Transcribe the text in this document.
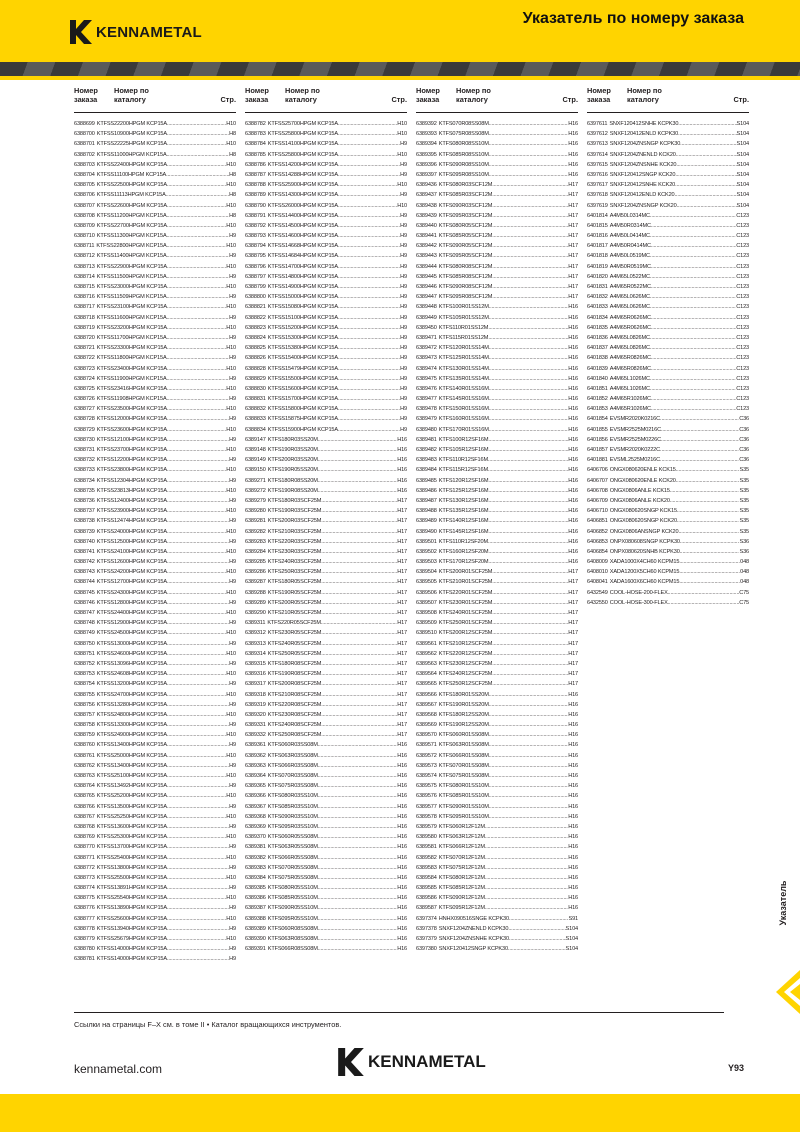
KENNAMETAL
Указатель по номеру заказа
Номер
заказа
Номер по
каталогу	Стр.
6388699 KTFSS22200HPGM KCP15A .....	H10
6388700 KTFSS10900HPGM KCP15A .....	H8
6388701 KTFSS22225HPGM KCP15A .....	H10
6388702 KTFSS11000HPGM KCP15A .....	H8
6388703 KTFSS22400HPGM KCP15A .....	H10
6388704 KTFSS11100HPGM KCP15A .....	H8
6388705 KTFSS22500HPGM KCP15A .....	H10
6388706 KTFSS11113HPGM KCP15A .....	H8
6388707 KTFSS22600HPGM KCP15A .....	H10
6388708 KTFSS11200HPGM KCP15A .....	H8
6388709 KTFSS22700HPGM KCP15A .....	H10
6388710 KTFSS11300HPGM KCP15A .....	H9
6388711 KTFSS22800HPGM KCP15A .....	H10
6388712 KTFSS11400HPGM KCP15A .....	H9
6388713 KTFSS22900HPGM KCP15A .....	H10
6388714 KTFSS11500HPGM KCP15A .....	H9
6388715 KTFSS23000HPGM KCP15A .....	H10
6388716 KTFSS11509HPGM KCP15A .....	H9
6388717 KTFSS23100HPGM KCP15A .....	H10
6388718 KTFSS11600HPGM KCP15A .....	H9
6388719 KTFSS23200HPGM KCP15A .....	H10
6388720 KTFSS11700HPGM KCP15A .....	H9
6388721 KTFSS23300HPGM KCP15A .....	H10
6388722 KTFSS11800HPGM KCP15A .....	H9
6388723 KTFSS23400HPGM KCP15A .....	H10
6388724 KTFSS11900HPGM KCP15A .....	H9
6388725 KTFSS23416HPGM KCP15A .....	H10
6388726 KTFSS11908HPGM KCP15A .....	H9
6388727 KTFSS23500HPGM KCP15A .....	H10
6388728 KTFSS12000HPGM KCP15A .....	H9
6388729 KTFSS23600HPGM KCP15A .....	H10
6388730 KTFSS12100HPGM KCP15A .....	H9
6388731 KTFSS23700HPGM KCP15A .....	H10
6388732 KTFSS12200HPGM KCP15A .....	H9
6388733 KTFSS23800HPGM KCP15A .....	H10
6388734 KTFSS12304HPGM KCP15A .....	H9
6388735 KTFSS23813HPGM KCP15A .....	H10
6388736 KTFSS12400HPGM KCP15A .....	H9
6388737 KTFSS23900HPGM KCP15A .....	H10
6388738 KTFSS12474HPGM KCP15A .....	H9
6388739 KTFSS24000HPGM KCP15A .....	H10
6388740 KTFSS12500HPGM KCP15A .....	H9
6388741 KTFSS24100HPGM KCP15A .....	H10
6388742 KTFSS12600HPGM KCP15A .....	H9
6388743 KTFSS24200HPGM KCP15A .....	H10
6388744 KTFSS12700HPGM KCP15A .....	H9
6388745 KTFSS24300HPGM KCP15A .....	H10
6388746 KTFSS12800HPGM KCP15A .....	H9
6388747 KTFSS24400HPGM KCP15A .....	H10
6388748 KTFSS12900HPGM KCP15A .....	H9
6388749 KTFSS24500HPGM KCP15A .....	H10
6388750 KTFSS13000HPGM KCP15A .....	H9
6388751 KTFSS24600HPGM KCP15A .....	H10
6388752 KTFSS13096HPGM KCP15A .....	H9
6388753 KTFSS24608HPGM KCP15A .....	H10
6388754 KTFSS13200HPGM KCP15A .....	H9
6388755 KTFSS24700HPGM KCP15A .....	H10
6388756 KTFSS13280HPGM KCP15A .....	H9
6388757 KTFSS24800HPGM KCP15A .....	H10
6388758 KTFSS13300HPGM KCP15A .....	H9
6388759 KTFSS24900HPGM KCP15A .....	H10
6388760 KTFSS13400HPGM KCP15A .....	H9
6388761 KTFSS25000HPGM KCP15A .....	H10
6388762 KTFSS13400HPGM KCP15A .....	H9
6388763 KTFSS25100HPGM KCP15A .....	H10
6388764 KTFSS13492HPGM KCP15A .....	H9
6388765 KTFSS25200HPGM KCP15A .....	H10
6388766 KTFSS13500HPGM KCP15A .....	H9
6388767 KTFSS25250HPGM KCP15A .....	H10
6388768 KTFSS13600HPGM KCP15A .....	H9
6388769 KTFSS25300HPGM KCP15A .....	H10
6388770 KTFSS13700HPGM KCP15A .....	H9
6388771 KTFSS25400HPGM KCP15A .....	H10
6388772 KTFSS13800HPGM KCP15A .....	H9
6388773 KTFSS25500HPGM KCP15A .....	H10
6388774 KTFSS13891HPGM KCP15A .....	H9
6388775 KTFSS25540HPGM KCP15A .....	H10
6388776 KTFSS13890HPGM KCP15A .....	H9
6388777 KTFSS25600HPGM KCP15A .....	H10
6388778 KTFSS13940HPGM KCP15A .....	H9
6388779 KTFSS25679HPGM KCP15A .....	H10
6388780 KTFSS14000HPGM KCP15A .....	H9
6388781 KTFSS14000HPGM KCP15A .....	H9
Номер
заказа
Номер по
каталогу	Стр.
6388782 KTFSS25700HPGM KCP15A .....	H10
6388783 KTFSS25800HPGM KCP15A .....	H10
6388784 KTFSS14100HPGM KCP15A .....	H9
6388785 KTFSS25800HPGM KCP15A .....	H10
6388786 KTFSS14200HPGM KCP15A .....	H9
6388787 KTFSS14288HPGM KCP15A .....	H9
6388788 KTFSS25900HPGM KCP15A .....	H10
6388789 KTFSS14300HPGM KCP15A .....	H9
6388790 KTFSS26000HPGM KCP15A .....	H10
6388791 KTFSS14400HPGM KCP15A .....	H9
6388792 KTFSS14500HPGM KCP15A .....	H9
6388793 KTFSS14600HPGM KCP15A .....	H9
6388794 KTFSS14668HPGM KCP15A .....	H9
6388795 KTFSS14684HPGM KCP15A .....	H9
6388796 KTFSS14700HPGM KCP15A .....	H9
6388797 KTFSS14800HPGM KCP15A .....	H9
6388799 KTFSS14900HPGM KCP15A .....	H9
6388800 KTFSS15000HPGM KCP15A .....	H9
6388821 KTFSS15080HPGM KCP15A .....	H9
6388822 KTFSS15100HPGM KCP15A .....	H9
6388823 KTFSS15200HPGM KCP15A .....	H9
6388824 KTFSS15300HPGM KCP15A .....	H9
6388825 KTFSS15380HPGM KCP15A .....	H9
6388826 KTFSS15400HPGM KCP15A .....	H9
6388828 KTFSS15479HPGM KCP15A .....	H9
6388829 KTFSS15500HPGM KCP15A .....	H9
6388830 KTFSS15600HPGM KCP15A .....	H9
6388831 KTFSS15700HPGM KCP15A .....	H9
6388832 KTFSS15800HPGM KCP15A .....	H9
6388833 KTFSS15875HPGM KCP15A .....	H9
6388834 KTFSS15900HPGM KCP15A .....	H9
6389147 KTFS180R03SS20M .....	H16
6389148 KTFS190R03SS20M .....	H16
6389149 KTFS200R03SS20M .....	H16
6389150 KTFS190R05SS20M .....	H16
6389271 KTFS180R08SS20M .....	H16
6389272 KTFS190R08SS20M .....	H16
6389279 KTFS180R03SCF25M .....	H17
6389280 KTFS190R03SCF25M .....	H17
6389281 KTFS200R03SCF25M .....	H17
6389282 KTFS210R03SCF25M .....	H17
6389283 KTFS220R03SCF25M .....	H17
6389284 KTFS230R03SCF25M .....	H17
6389285 KTFS240R03SCF25M .....	H17
6389286 KTFS250R03SCF25M .....	H17
6389287 KTFS180R05SCF25M .....	H17
6389288 KTFS190R05SCF25M .....	H17
6389289 KTFS200R05SCF25M .....	H17
6389290 KTFS210R05SCF25M .....	H17
6389311 KTFS220R05SCF25M .....	H17
6389312 KTFS230R05SCF25M .....	H17
6389313 KTFS240R05SCF25M .....	H17
6389314 KTFS250R05SCF25M .....	H17
6389315 KTFS180R08SCF25M .....	H17
6389316 KTFS190R08SCF25M .....	H17
6389317 KTFS200R08SCF25M .....	H17
6389318 KTFS210R08SCF25M .....	H17
6389319 KTFS220R08SCF25M .....	H17
6389320 KTFS230R08SCF25M .....	H17
6389331 KTFS240R08SCF25M .....	H17
6389332 KTFS250R08SCF25M .....	H17
6389361 KTFS060R03SS08M .....	H16
6389362 KTFS063R03SS08M .....	H16
6389363 KTFS066R03SS08M .....	H16
6389364 KTFS070R03SS08M .....	H16
6389365 KTFS075R03SS08M .....	H16
6389366 KTFS080R03SS10M .....	H16
6389367 KTFS085R03SS10M .....	H16
6389368 KTFS090R03SS10M .....	H16
6389369 KTFS095R03SS10M .....	H16
6389370 KTFS060R05SS08M .....	H16
6389381 KTFS063R05SS08M .....	H16
6389382 KTFS066R05SS08M .....	H16
6389383 KTFS070R05SS08M .....	H16
6389384 KTFS075R05SS08M .....	H16
6389385 KTFS080R05SS10M .....	H16
6389386 KTFS085R05SS10M .....	H16
6389387 KTFS090R05SS10M .....	H16
6389388 KTFS095R05SS10M .....	H16
6389389 KTFS060R08SS08M .....	H16
6389390 KTFS063R08SS08M .....	H16
6389391 KTFS066R08SS08M .....	H16
Номер
заказа
Номер по
каталогу	Стр.
6389392 KTFS070R08SS08M .....	H16
6389393 KTFS075R08SS08M .....	H16
6389394 KTFS080R08SS10M .....	H16
6389395 KTFS085R08SS10M .....	H16
6389396 KTFS090R08SS10M .....	H16
6389397 KTFS095R08SS10M .....	H16
6389436 KTFS080R03SCF12M .....	H17
6389437 KTFS085R03SCF12M .....	H17
6389438 KTFS090R03SCF12M .....	H17
6389439 KTFS095R03SCF12M .....	H17
6389440 KTFS080R05SCF12M .....	H17
6389441 KTFS085R05SCF12M .....	H17
6389442 KTFS090R05SCF12M .....	H17
6389443 KTFS095R05SCF12M .....	H17
6389444 KTFS080R08SCF12M .....	H17
6389445 KTFS085R08SCF12M .....	H17
6389446 KTFS090R08SCF12M .....	H17
6389447 KTFS095R08SCF12M .....	H17
6389448 KTFS100R01SS12M .....	H16
6389449 KTFS105R01SS12M .....	H16
6389450 KTFS110R01SS12M .....	H16
6389471 KTFS115R01SS12M .....	H16
6389472 KTFS120R01SS14M .....	H16
6389473 KTFS125R01SS14M .....	H16
6389474 KTFS130R01SS14M .....	H16
6389475 KTFS135R01SS14M .....	H16
6389476 KTFS140R01SS16M .....	H16
6389477 KTFS145R01SS16M .....	H16
6389478 KTFS150R01SS16M .....	H16
6389479 KTFS160R01SS16M .....	H16
6389480 KTFS170R01SS16M .....	H16
6389481 KTFS100R12SF16M .....	H16
6389482 KTFS105R12SF16M .....	H16
6389483 KTFS110R12SF16M .....	H16
6389484 KTFS115R12SF16M .....	H16
6389485 KTFS120R12SF16M .....	H16
6389486 KTFS125R12SF16M .....	H16
6389487 KTFS130R12SF16M .....	H16
6389488 KTFS135R12SF16M .....	H16
6389489 KTFS140R12SF16M .....	H16
6389490 KTFS145R12SF16M .....	H16
6389501 KTFS110R12SF20M .....	H16
6389502 KTFS160R12SF20M .....	H16
6389503 KTFS170R12SF20M .....	H16
6389504 KTFS200R01SCF25M .....	H17
6389505 KTFS210R01SCF25M .....	H17
6389506 KTFS220R01SCF25M .....	H17
6389507 KTFS230R01SCF25M .....	H17
6389508 KTFS240R01SCF25M .....	H17
6389509 KTFS250R01SCF25M .....	H17
6389510 KTFS200R12SCF25M .....	H17
6389561 KTFS210R12SCF25M .....	H17
6389562 KTFS220R12SCF25M .....	H17
6389563 KTFS230R12SCF25M .....	H17
6389564 KTFS240R12SCF25M .....	H17
6389565 KTFS250R12SCF25M .....	H17
6389566 KTFS180R01SS20M .....	H16
6389567 KTFS190R01SS20M .....	H16
6389568 KTFS180R12SS20M .....	H16
6389569 KTFS190R12SS20M .....	H16
6389570 KTFS060R01SS08M .....	H16
6389571 KTFS063R01SS08M .....	H16
6389572 KTFS066R01SS08M .....	H16
6389573 KTFS070R01SS08M .....	H16
6389574 KTFS075R01SS08M .....	H16
6389575 KTFS080R01SS10M .....	H16
6389576 KTFS085R01SS10M .....	H16
6389577 KTFS090R01SS10M .....	H16
6389578 KTFS095R01SS10M .....	H16
6389579 KTFS060R12F12M .....	H16
6389580 KTFS063R12F12M .....	H16
6389581 KTFS066R12F12M .....	H16
6389582 KTFS070R12F12M .....	H16
6389583 KTFS075R12F12M .....	H16
6389584 KTFS080R12F12M .....	H16
6389585 KTFS085R12F12M .....	H16
6389586 KTFS090R12F12M .....	H16
6389587 KTFS095R12F12M .....	H16
6397374 HNHX090516SNGE KCPK30 .....	S91
6397378 SNXF1204ZNENLD KCPK30 .....	S104
6397379 SNXF1204ZNSNHE KCPK30 .....	S104
6397380 SNXF120412SNGP KCPK30 .....	S104
Номер
заказа
Номер по
каталогу	Стр.
6397611 SNXF120412SNHE KCPK30 .....	S104
6397612 SNXF120412ENLD KCPK30 .....	S104
6397613 SNXF1204ZNSNGP KCPK30 .....	S104
6397614 SNXF1204ZNENLD KCK20 .....	S104
6397615 SNXF1204ZNSNHE KCK20 .....	S104
6397616 SNXF120412SNGP KCK20 .....	S104
6397617 SNXF120412SNHE KCK20 .....	S104
6397618 SNXF120412ENLD KCK20 .....	S104
6397619 SNXF1204ZNSNGP KCK20 .....	S104
6401814 A4M50L0314MC .....	C123
6401815 A4M50R0314MC .....	C123
6401816 A4M50L0414MC .....	C123
6401817 A4M50R0414MC .....	C123
6401818 A4M50L0519MC .....	C123
6401819 A4M50R0519MC .....	C123
6401820 A4M65L0522MC .....	C123
6401831 A4M65R0522MC .....	C123
6401832 A4M65L0626MC .....	C123
6401833 A4M65L0626MC .....	C123
6401834 A4M65R0626MC .....	C123
6401835 A4M65R0626MC .....	C123
6401836 A4M65L0826MC .....	C123
6401837 A4M65L0826MC .....	C123
6401838 A4M65R0826MC .....	C123
6401839 A4M65R0826MC .....	C123
6401840 A4M65L1026MC .....	C123
6401851 A4M65L1026MC .....	C123
6401852 A4M65R1026MC .....	C123
6401853 A4M65R1026MC .....	C123
6401854 EVSMR2020K0216C .....	C36
6401855 EVSMR2525M0216C .....	C36
6401856 EVSMR2525M0226C .....	C36
6401857 EVSMR2020K0222C .....	C36
6401881 EVSML2525M0216C .....	C36
6406706 ONGX080620ENLE KCK15 .....	S35
6406707 ONGX080620ENLE KCK20 .....	S35
6406708 ONGX0806ANLE KCK15 .....	S35
6406709 ONGX0806ANLE KCK20 .....	S35
6406710 ONGX080620SNGP KCK15 .....	S35
6406851 ONGX080620SNGP KCK20 .....	S35
6406852 ONGX0806ANSNGP KCK20 .....	S35
6406853 ONPX080608SNGP KCPK30 .....	S36
6406854 ONPX080620SNHB KCPK30 .....	S36
6408009 XADA1000X4CH60 KCPM15 .....	048
6408010 XADA1200X5CH60 KCPM15 .....	048
6408041 XADA1600X6CH60 KCPM15 .....	048
6432549 COOL-HOSE-200-FLEX .....	C75
6432550 COOL-HOSE-300-FLEX .....	C75
Указатель
Ссылки на страницы F–X см. в томе II • Каталог вращающихся инструментов.
kennametal.com	KENNAMETAL	Y93
